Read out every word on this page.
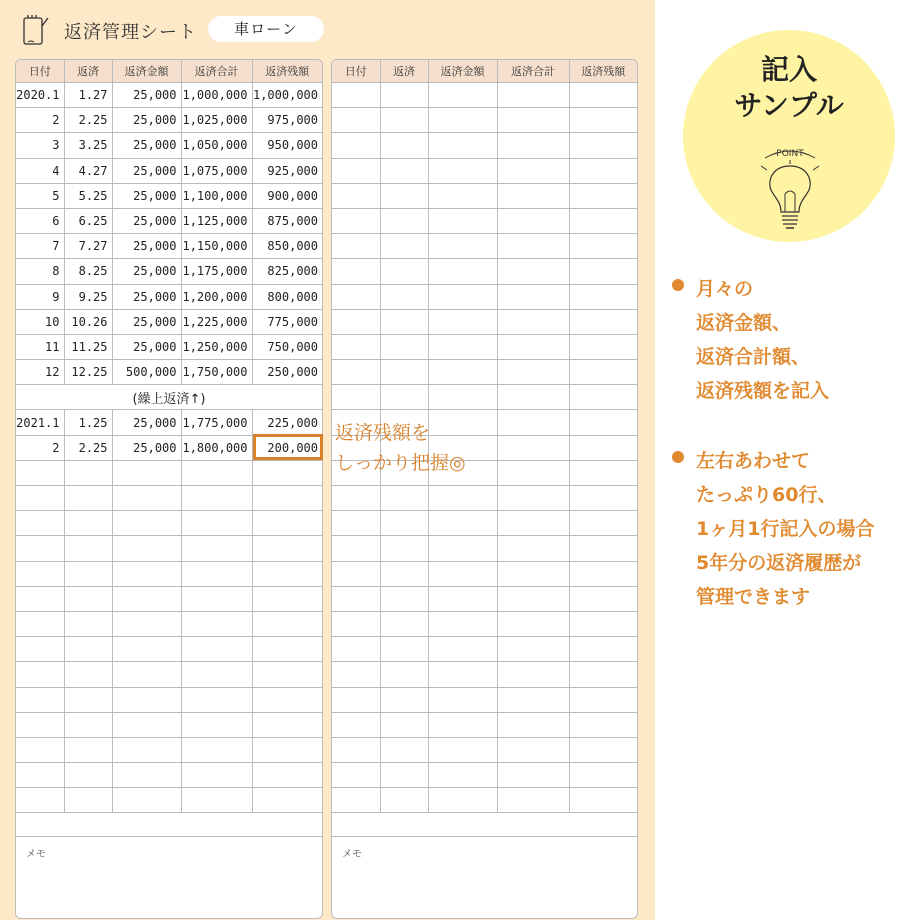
返済管理シート	車ローン
日付	返済	返済金額	返済合計	返済残額
2020.1	1.27	25,000	1,000,000	1,000,000
2	2.25	25,000	1,025,000	975,000
3	3.25	25,000	1,050,000	950,000
4	4.27	25,000	1,075,000	925,000
5	5.25	25,000	1,100,000	900,000
6	6.25	25,000	1,125,000	875,000
7	7.27	25,000	1,150,000	850,000
8	8.25	25,000	1,175,000	825,000
9	9.25	25,000	1,200,000	800,000
10	10.26	25,000	1,225,000	775,000
11	11.25	25,000	1,250,000	750,000
12	12.25	500,000	1,750,000	250,000
(繰上返済↑)				
2021.1	1.25	25,000	1,775,000	225,000
2	2.25	25,000	1,800,000	200,000

メモ
日付	返済	返済金額	返済合計	返済残額

メモ
返済残額を
しっかり把握◎
記入
サンプル
POINT
月々の
返済金額、
返済合計額、
返済残額を記入
左右あわせて
たっぷり60行、
1ヶ月1行記入の場合
5年分の返済履歴が
管理できます
